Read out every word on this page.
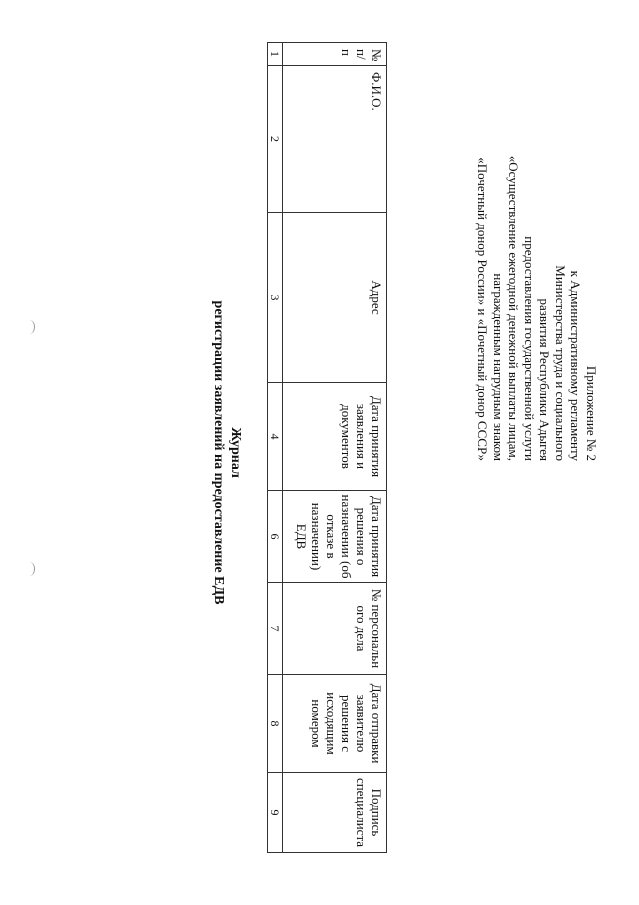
Приложение № 2
к Административному регламенту
Министерства труда и социального
развития Республики Адыгея
предоставления государственной услуги
«Осуществление ежегодной денежной выплаты лицам,
награжденным нагрудным знаком
«Почетный донор России» и «Почетный донор СССР»
Журнал
регистрации заявлений на предоставление ЕДВ
№ п/п	Ф.И.О.	Адрес	Дата принятия заявления и документов	Дата принятия решения о назначении (об отказе в назначении) ЕДВ	№ персональн ого дела	Дата отправки заявителю решения с исходящим номером	Подпись специалиста
1	2	3	4	6	7	8	9
